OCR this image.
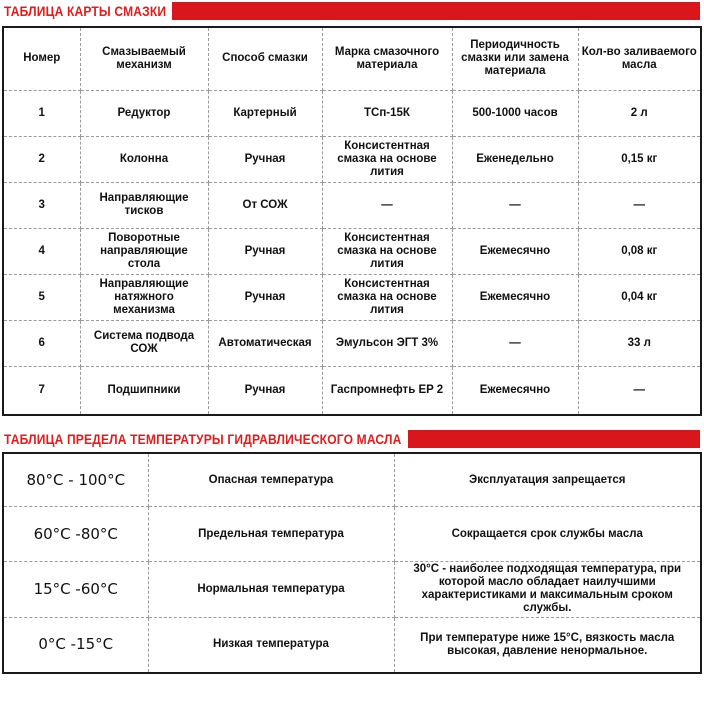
ТАБЛИЦА КАРТЫ СМАЗКИ
Номер	Смазываемый механизм	Способ смазки	Марка смазочного материала	Периодичность смазки или замена материала	Кол-во заливаемого масла
1	Редуктор	Картерный	ТСп-15К	500-1000 часов	2 л
2	Колонна	Ручная	Консистентная смазка на основе лития	Еженедельно	0,15 кг
3	Направляющие тисков	От СОЖ	—	—	—
4	Поворотные направляющие стола	Ручная	Консистентная смазка на основе лития	Ежемесячно	0,08 кг
5	Направляющие натяжного механизма	Ручная	Консистентная смазка на основе лития	Ежемесячно	0,04 кг
6	Система подвода СОЖ	Автоматическая	Эмульсон ЭГТ 3%	—	33 л
7	Подшипники	Ручная	Гаспромнефть EP 2	Ежемесячно	—
ТАБЛИЦА ПРЕДЕЛА ТЕМПЕРАТУРЫ ГИДРАВЛИЧЕСКОГО МАСЛА
80°C - 100°C	Опасная температура	Эксплуатация запрещается
60°C -80°C	Предельная температура	Сокращается срок службы масла
15°C -60°C	Нормальная температура	30°C - наиболее подходящая температура, при которой масло обладает наилучшими характеристиками и максимальным сроком службы.
0°C -15°C	Низкая температура	При температуре ниже 15°C, вязкость масла высокая, давление ненормальное.
